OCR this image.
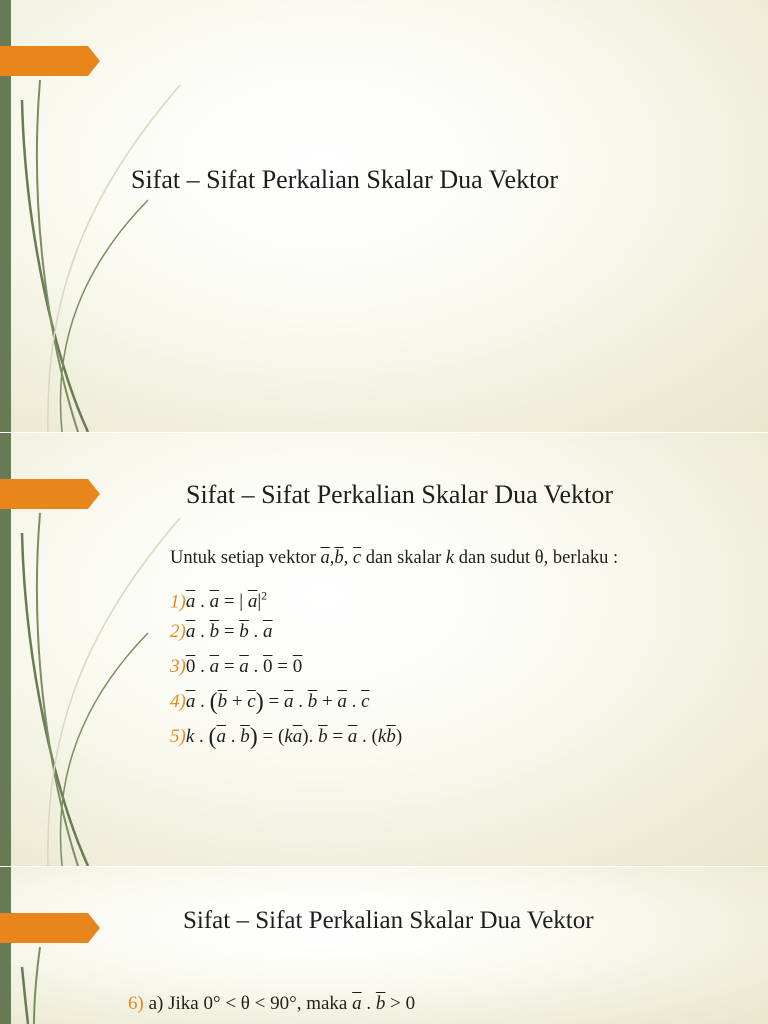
Sifat – Sifat Perkalian Skalar Dua Vektor
Sifat – Sifat Perkalian Skalar Dua Vektor
Untuk setiap vektor $\overline{a},\overline{b}$, $\overline{c}$ dan skalar k dan sudut θ, berlaku :
$1)\overline{a}$ . $\overline{a}$ = | $\overline{a}|^2$
$2)\overline{a}$ . $\overline{b} = \overline{b}$ . $\overline{a}$
3)0 . $\overline{a} = \overline{a}$ . 0 = 0
$4)\overline{a}$ . $(\overline{b} + \overline{c}) = \overline{a}$ . $\overline{b} + \overline{a}$ . $\overline{c}$
5)k . ($\overline{a}$ . $\overline{b}) = (k\overline{a})$. $\overline{b} = \overline{a}$ . $(k\overline{b})$
Sifat – Sifat Perkalian Skalar Dua Vektor
6) a) Jika 0° < θ < 90°, maka $\overline{a}$ . $\overline{b} > 0$
